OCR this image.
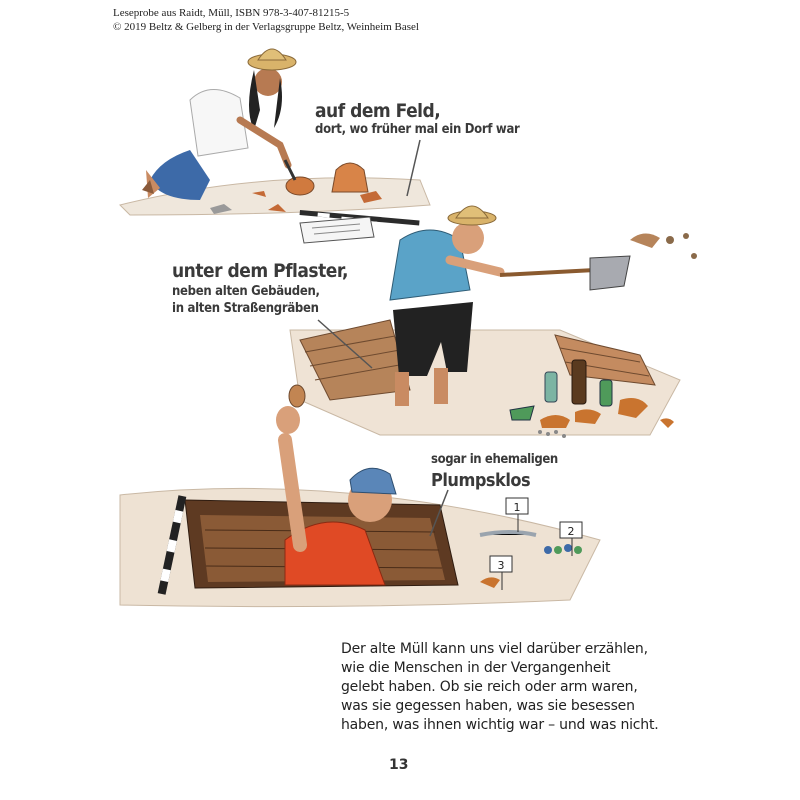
Leseprobe aus Raidt, Müll, ISBN 978-3-407-81215-5
© 2019 Beltz & Gelberg in der Verlagsgruppe Beltz, Weinheim Basel
1
2
3
auf dem Feld,
dort, wo früher mal ein Dorf war
unter dem Pflaster,
neben alten Gebäuden,
in alten Straßengräben
sogar in ehemaligen
Plumpsklos
Der alte Müll kann uns viel darüber erzählen,
wie die Menschen in der Vergangenheit
gelebt haben. Ob sie reich oder arm waren,
was sie gegessen haben, was sie besessen
haben, was ihnen wichtig war – und was nicht.
13
